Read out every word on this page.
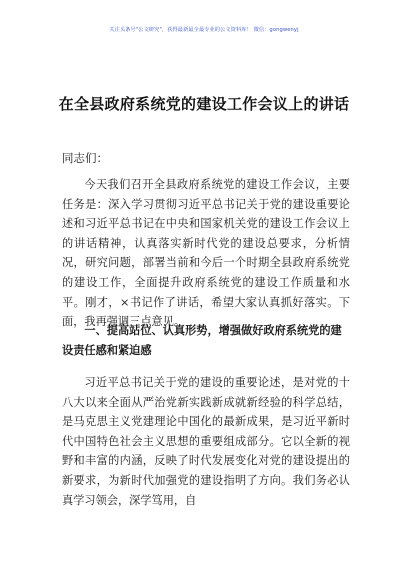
关注头条号"公文研究"，获得最新最全最专业的公文资料库！ 微信：gongwenyj
在全县政府系统党的建设工作会议上的讲话
同志们：

今天我们召开全县政府系统党的建设工作会议，主要任务是：深入学习贯彻习近平总书记关于党的建设重要论述和习近平总书记在中央和国家机关党的建设工作会议上的讲话精神，认真落实新时代党的建设总要求，分析情况，研究问题，部署当前和今后一个时期全县政府系统党的建设工作，全面提升政府系统党的建设工作质量和水平。刚才，×书记作了讲话，希望大家认真抓好落实。下面，我再强调三点意见。

一、提高站位、认真形势，增强做好政府系统党的建设责任感和紧迫感

习近平总书记关于党的建设的重要论述，是对党的十八大以来全面从严治党新实践新成就新经验的科学总结，是马克思主义党建理论中国化的最新成果，是习近平新时代中国特色社会主义思想的重要组成部分。它以全新的视野和丰富的内涵，反映了时代发展变化对党的建设提出的新要求，为新时代加强党的建设指明了方向。我们务必认真学习领会，深学笃用，自
